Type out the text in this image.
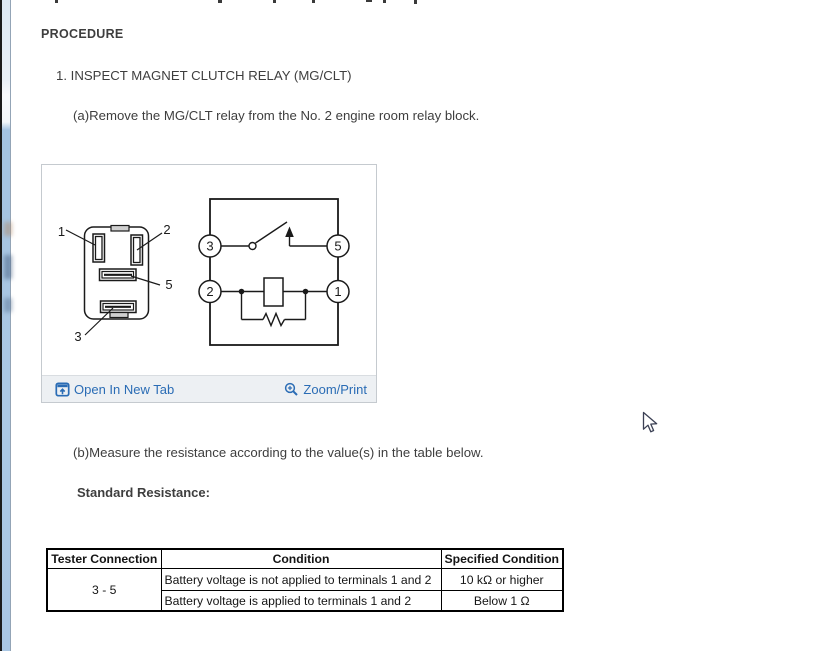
PROCEDURE
1. INSPECT MAGNET CLUTCH RELAY (MG/CLT)
(a)Remove the MG/CLT relay from the No. 2 engine room relay block.
1	2
5
3
3	5
2	1
Open In New Tab	Zoom/Print
(b)Measure the resistance according to the value(s) in the table below.
Standard Resistance:
Tester Connection	Condition	Specified Condition
3 - 5	Battery voltage is not applied to terminals 1 and 2	10 kΩ or higher
	Battery voltage is applied to terminals 1 and 2	Below 1 Ω
